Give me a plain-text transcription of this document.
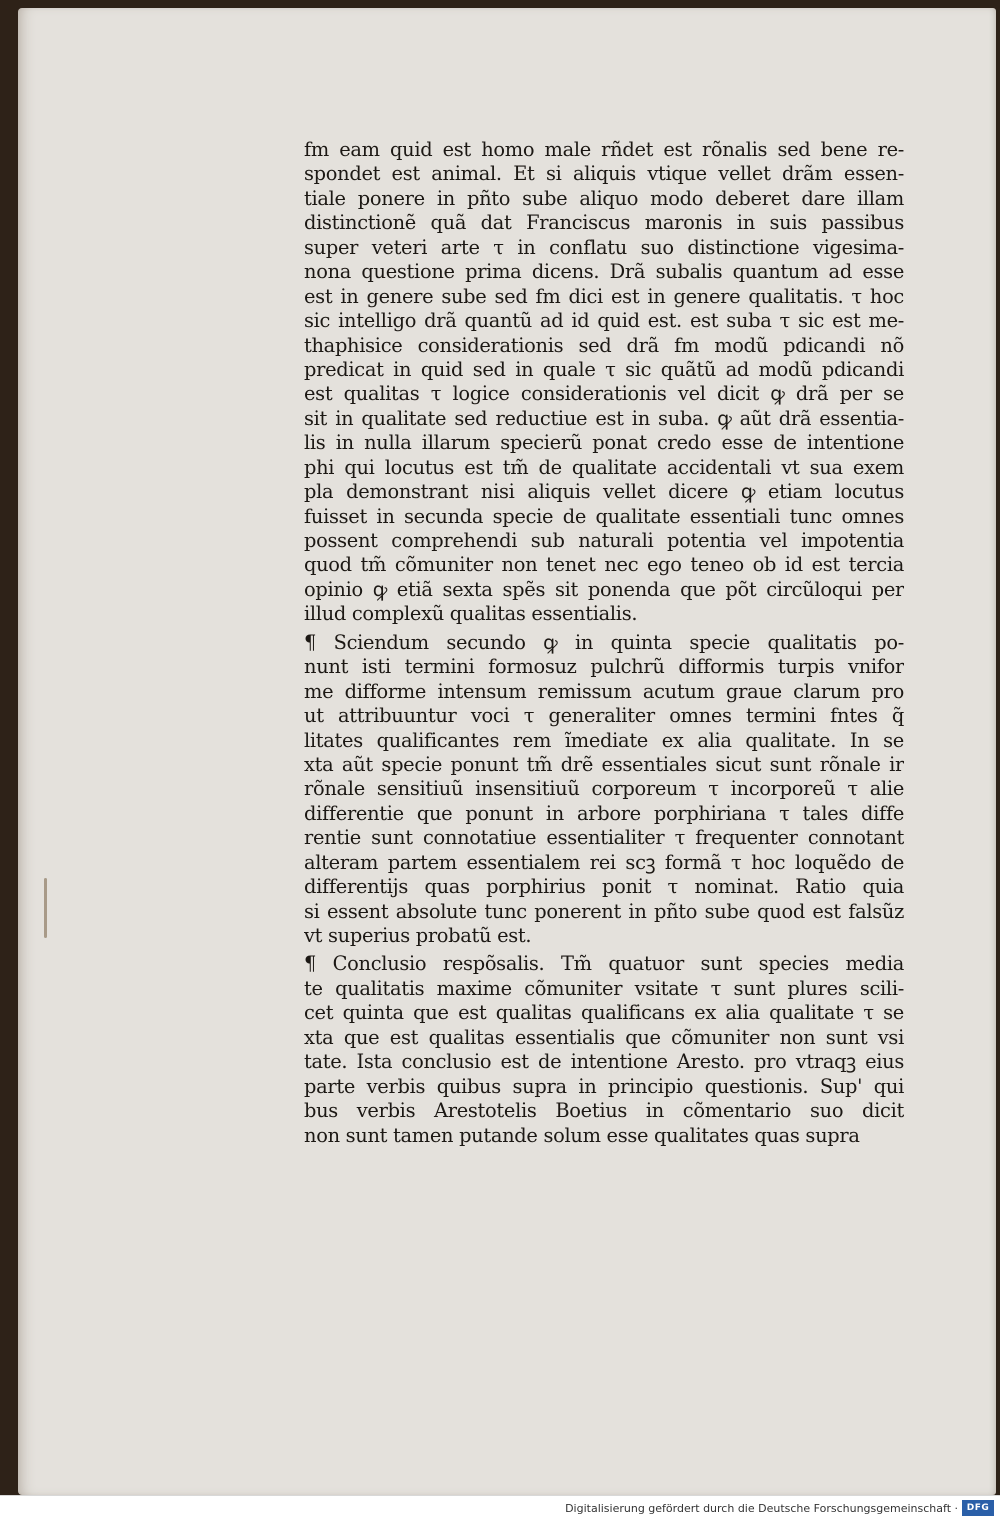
fm eam quid est homo male rñdet est rõnalis sed bene re-
spondet est animal. Et si aliquis vtique vellet drãm essen-
tiale ponere in pñto sube aliquo modo deberet dare illam
distinctionẽ quã dat Franciscus maronis in suis passibus
super veteri arte τ in conflatu suo distinctione vigesima-
nona questione prima dicens. Drã subalis quantum ad esse
est in genere sube sed fm dici est in genere qualitatis. τ hoc
sic intelligo drã quantũ ad id quid est. est suba τ sic est me-
thaphisice considerationis sed drã fm modũ pdicandi nõ
predicat in quid sed in quale τ sic quãtũ ad modũ pdicandi
est qualitas τ logice considerationis vel dicit ꝙ drã per se
sit in qualitate sed reductiue est in suba. ꝙ aũt drã essentia-
lis in nulla illarum specierũ ponat credo esse de intentione
phi qui locutus est tm̃ de qualitate accidentali vt sua exem
pla demonstrant nisi aliquis vellet dicere ꝙ etiam locutus
fuisset in secunda specie de qualitate essentiali tunc omnes
possent comprehendi sub naturali potentia vel impotentia
quod tm̃ cõmuniter non tenet nec ego teneo ob id est tercia
opinio ꝙ etiã sexta spẽs sit ponenda que põt circũloqui per
illud complexũ qualitas essentialis.
¶ Sciendum secundo ꝙ in quinta specie qualitatis po-
nunt isti termini formosuz pulchrũ difformis turpis vnifor
me difforme intensum remissum acutum graue clarum pro
ut attribuuntur voci τ generaliter omnes termini fntes q̃
litates qualificantes rem ĩmediate ex alia qualitate. In se
xta aũt specie ponunt tm̃ drẽ essentiales sicut sunt rõnale ir
rõnale sensitiuũ insensitiuũ corporeum τ incorporeũ τ alie
differentie que ponunt in arbore porphiriana τ tales diffe
rentie sunt connotatiue essentialiter τ frequenter connotant
alteram partem essentialem rei scꝫ formã τ hoc loquẽdo de
differentijs quas porphirius ponit τ nominat. Ratio quia
si essent absolute tunc ponerent in pñto sube quod est falsũz
vt superius probatũ est.
¶ Conclusio respõsalis. Tm̃ quatuor sunt species media
te qualitatis maxime cõmuniter vsitate τ sunt plures scili-
cet quinta que est qualitas qualificans ex alia qualitate τ se
xta que est qualitas essentialis que cõmuniter non sunt vsi
tate. Ista conclusio est de intentione Aresto. pro vtraqꝫ eius
parte verbis quibus supra in principio questionis. Sup' qui
bus verbis Arestotelis Boetius in cõmentario suo dicit
non sunt tamen putande solum esse qualitates quas supra
Digitalisierung gefördert durch die Deutsche Forschungsgemeinschaft · DFG
